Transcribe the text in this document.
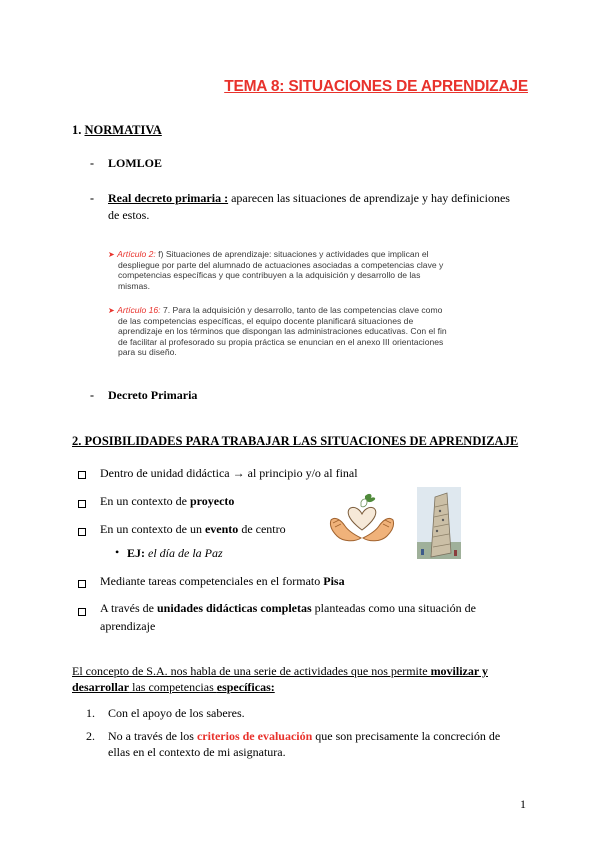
TEMA 8: SITUACIONES DE APRENDIZAJE
1. NORMATIVA
- LOMLOE
- Real decreto primaria : aparecen las situaciones de aprendizaje y hay definiciones
de estos.
➤ Artículo 2: f) Situaciones de aprendizaje: situaciones y actividades que implican el
despliegue por parte del alumnado de actuaciones asociadas a competencias clave y
competencias específicas y que contribuyen a la adquisición y desarrollo de las
mismas.
➤ Artículo 16: 7. Para la adquisición y desarrollo, tanto de las competencias clave como
de las competencias específicas, el equipo docente planificará situaciones de
aprendizaje en los términos que dispongan las administraciones educativas. Con el fin
de facilitar al profesorado su propia práctica se enuncian en el anexo III orientaciones
para su diseño.
- Decreto Primaria
2. POSIBILIDADES PARA TRABAJAR LAS SITUACIONES DE APRENDIZAJE
Dentro de unidad didáctica → al principio y/o al final
En un contexto de proyecto
En un contexto de un evento de centro
• EJ: el día de la Paz
Mediante tareas competenciales en el formato Pisa
A través de unidades didácticas completas planteadas como una situación de
aprendizaje
El concepto de S.A. nos habla de una serie de actividades que nos permite movilizar y
desarrollar las competencias específicas:
1. Con el apoyo de los saberes.
2. No a través de los criterios de evaluación que son precisamente la concreción de
ellas en el contexto de mi asignatura.
1
